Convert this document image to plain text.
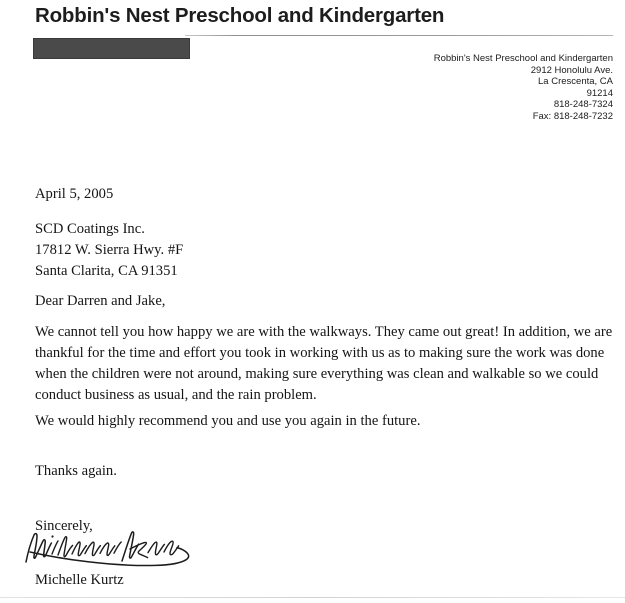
Robbin's Nest Preschool and Kindergarten
Robbin's Nest Preschool and Kindergarten
2912 Honolulu Ave.
La Crescenta, CA
91214
818-248-7324
Fax: 818-248-7232
April 5, 2005
SCD Coatings Inc.
17812 W. Sierra Hwy. #F
Santa Clarita, CA 91351
Dear Darren and Jake,
We cannot tell you how happy we are with the walkways. They came out great! In addition, we are thankful for the time and effort you took in working with us as to making sure the work was done when the children were not around, making sure everything was clean and walkable so we could conduct business as usual, and the rain problem.
We would highly recommend you and use you again in the future.
Thanks again.
Sincerely,
Michelle Kurtz
